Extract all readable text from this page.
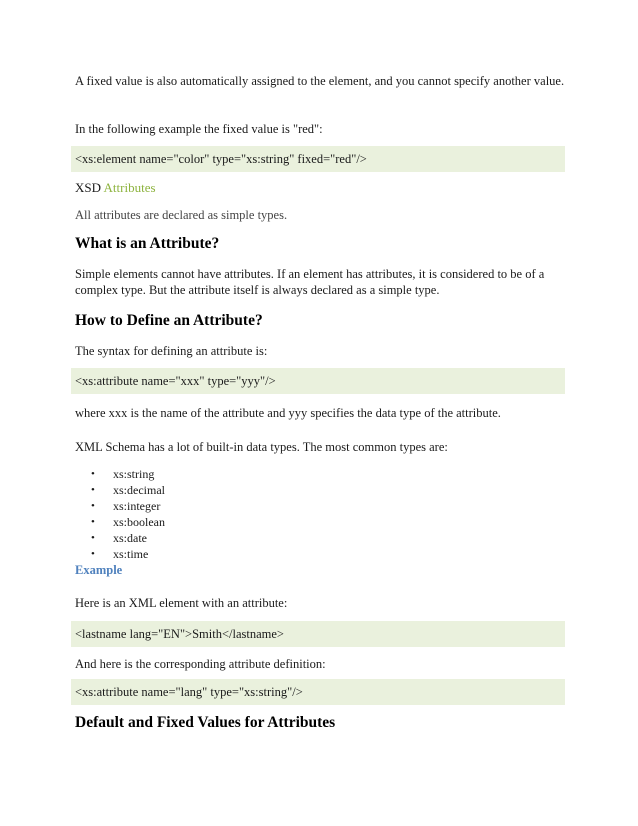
A fixed value is also automatically assigned to the element, and you cannot specify another value.
In the following example the fixed value is "red":
<xs:element name="color" type="xs:string" fixed="red"/>
XSD Attributes
All attributes are declared as simple types.
What is an Attribute?
Simple elements cannot have attributes. If an element has attributes, it is considered to be of a complex type. But the attribute itself is always declared as a simple type.
How to Define an Attribute?
The syntax for defining an attribute is:
<xs:attribute name="xxx" type="yyy"/>
where xxx is the name of the attribute and yyy specifies the data type of the attribute.
XML Schema has a lot of built-in data types. The most common types are:
• xs:string
• xs:decimal
• xs:integer
• xs:boolean
• xs:date
• xs:time
Example
Here is an XML element with an attribute:
<lastname lang="EN">Smith</lastname>
And here is the corresponding attribute definition:
<xs:attribute name="lang" type="xs:string"/>
Default and Fixed Values for Attributes
